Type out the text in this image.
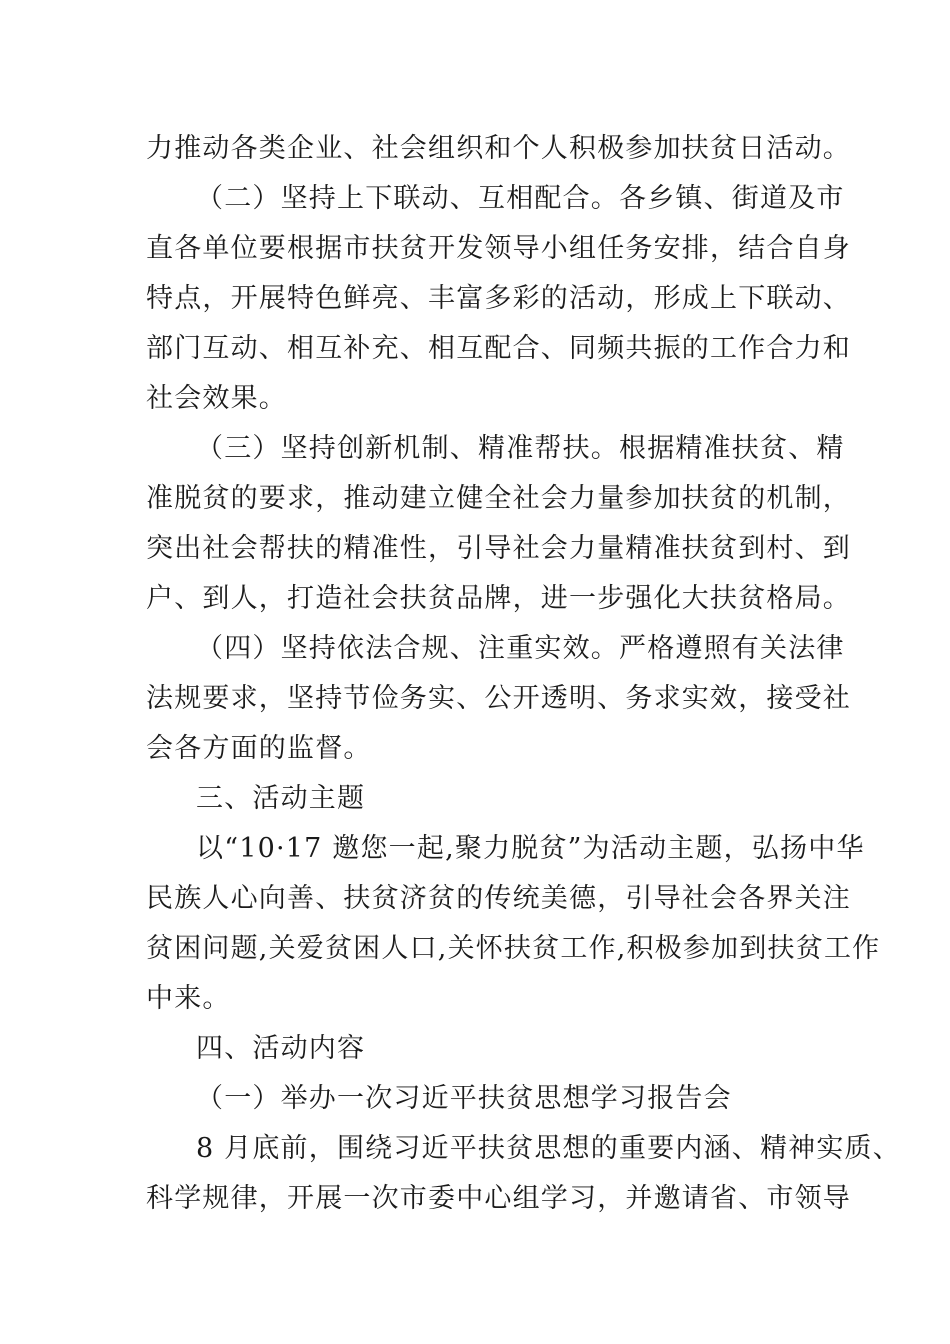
力推动各类企业、社会组织和个人积极参加扶贫日活动。
（二）坚持上下联动、互相配合。各乡镇、街道及市
直各单位要根据市扶贫开发领导小组任务安排，结合自身
特点，开展特色鲜亮、丰富多彩的活动，形成上下联动、
部门互动、相互补充、相互配合、同频共振的工作合力和
社会效果。
（三）坚持创新机制、精准帮扶。根据精准扶贫、精
准脱贫的要求，推动建立健全社会力量参加扶贫的机制，
突出社会帮扶的精准性，引导社会力量精准扶贫到村、到
户、到人，打造社会扶贫品牌，进一步强化大扶贫格局。
（四）坚持依法合规、注重实效。严格遵照有关法律
法规要求，坚持节俭务实、公开透明、务求实效，接受社
会各方面的监督。
三、活动主题
以“10·17 邀您一起,聚力脱贫”为活动主题，弘扬中华
民族人心向善、扶贫济贫的传统美德，引导社会各界关注
贫困问题,关爱贫困人口,关怀扶贫工作,积极参加到扶贫工作
中来。
四、活动内容
（一）举办一次习近平扶贫思想学习报告会
8 月底前，围绕习近平扶贫思想的重要内涵、精神实质、
科学规律，开展一次市委中心组学习，并邀请省、市领导
